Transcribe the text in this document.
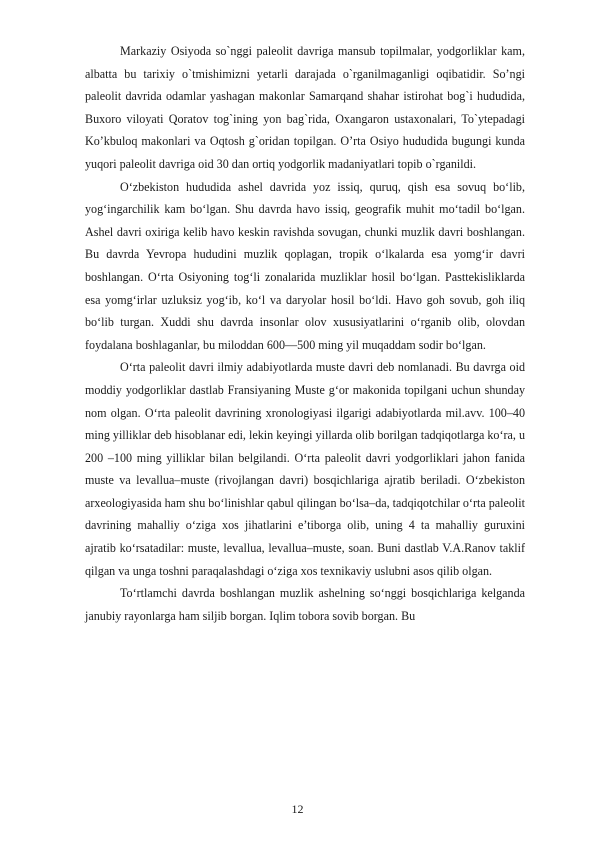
Markaziy Osiyoda so`nggi paleolit davriga mansub topilmalar, yodgorliklar kam, albatta bu tarixiy o`tmishimizni yetarli darajada o`rganilmaganligi oqibatidir. So’ngi paleolit davrida odamlar yashagan makonlar Samarqand shahar istirohat bog`i hududida, Buxoro viloyati Qoratov tog`ining yon bag`rida, Oxangaron ustaxonalari, To`ytepadagi Ko’kbuloq makonlari va Oqtosh g`oridan topilgan. O’rta Osiyo hududida bugungi kunda yuqori paleolit davriga oid 30 dan ortiq yodgorlik madaniyatlari topib o`rganildi.

O‘zbekiston hududida ashel davrida yoz issiq, quruq, qish esa sovuq bo‘lib, yog‘ingarchilik kam bo‘lgan. Shu davrda havo issiq, geografik muhit mo‘tadil bo‘lgan. Ashel davri oxiriga kelib havo keskin ravishda sovugan, chunki muzlik davri boshlangan. Bu davrda Yevropa hududini muzlik qoplagan, tropik o‘lkalarda esa yomg‘ir davri boshlangan. O‘rta Osiyoning tog‘li zonalarida muzliklar hosil bo‘lgan. Pasttekisliklarda esa yomg‘irlar uzluksiz yog‘ib, ko‘l va daryolar hosil bo‘ldi. Havo goh sovub, goh iliq bo‘lib turgan. Xuddi shu davrda insonlar olov xususiyatlarini o‘rganib olib, olovdan foydalana boshlaganlar, bu miloddan 600—500 ming yil muqaddam sodir bo‘lgan.

O‘rta paleolit davri ilmiy adabiyotlarda muste davri deb nomlanadi. Bu davrga oid moddiy yodgorliklar dastlab Fransiyaning Muste g‘or makonida topilgani uchun shunday nom olgan. O‘rta paleolit davrining xronologiyasi ilgarigi adabiyotlarda mil.avv. 100–40 ming yilliklar deb hisoblanar edi, lekin keyingi yillarda olib borilgan tadqiqotlarga ko‘ra, u 200 –100 ming yilliklar bilan belgilandi. O‘rta paleolit davri yodgorliklari jahon fanida muste va levallua–muste (rivojlangan davri) bosqichlariga ajratib beriladi. O‘zbekiston arxeologiyasida ham shu bo‘linishlar qabul qilingan bo‘lsa–da, tadqiqotchilar o‘rta paleolit davrining mahalliy o‘ziga xos jihatlarini e’tiborga olib, uning 4 ta mahalliy guruxini ajratib ko‘rsatadilar: muste, levallua, levallua–muste, soan. Buni dastlab V.A.Ranov taklif qilgan va unga toshni paraqalashdagi o‘ziga xos texnikaviy uslubni asos qilib olgan.

To‘rtlamchi davrda boshlangan muzlik ashelning so‘nggi bosqichlariga kelganda janubiy rayonlarga ham siljib borgan. Iqlim tobora sovib borgan. Bu

12
